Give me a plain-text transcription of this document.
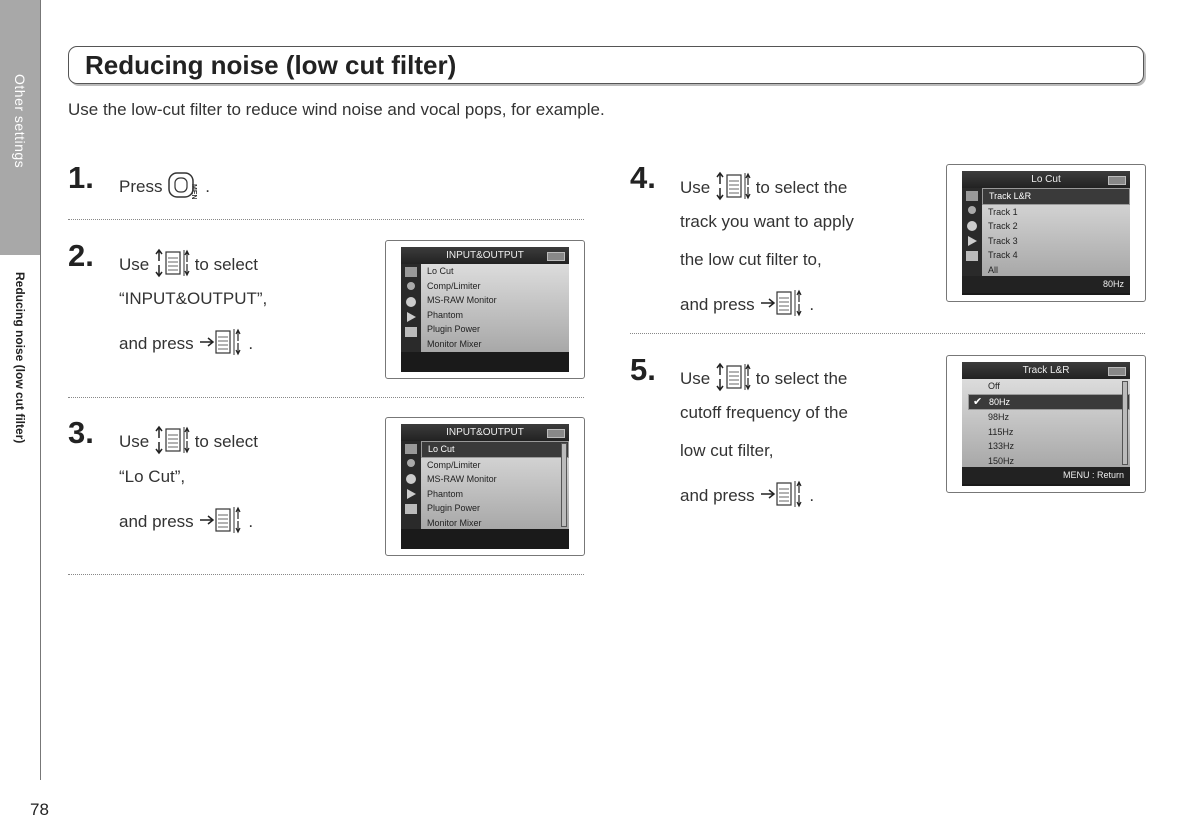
Other settings
Reducing noise (low cut filter)
78
Reducing noise (low cut filter)
Use the low-cut filter to reduce wind noise and vocal pops, for example.
1. Press	MENU .
2. Use	to select
“INPUT&OUTPUT”,
and press	.
3. Use	to select
“Lo Cut”,
and press	.
4. Use	to select the
track you want to apply
the low cut filter to,
and press	.
5. Use	to select the
cutoff frequency of the
low cut filter,
and press	.
INPUT&OUTPUT
Lo Cut
Comp/Limiter
MS-RAW Monitor
Phantom
Plugin Power
Monitor Mixer
INPUT&OUTPUT
Lo Cut
Comp/Limiter
MS-RAW Monitor
Phantom
Plugin Power
Monitor Mixer
Lo Cut
Track L&R
Track 1
Track 2
Track 3
Track 4
All
80Hz
Track L&R
Off
✔ 80Hz
98Hz
115Hz
133Hz
150Hz
MENU : Return
